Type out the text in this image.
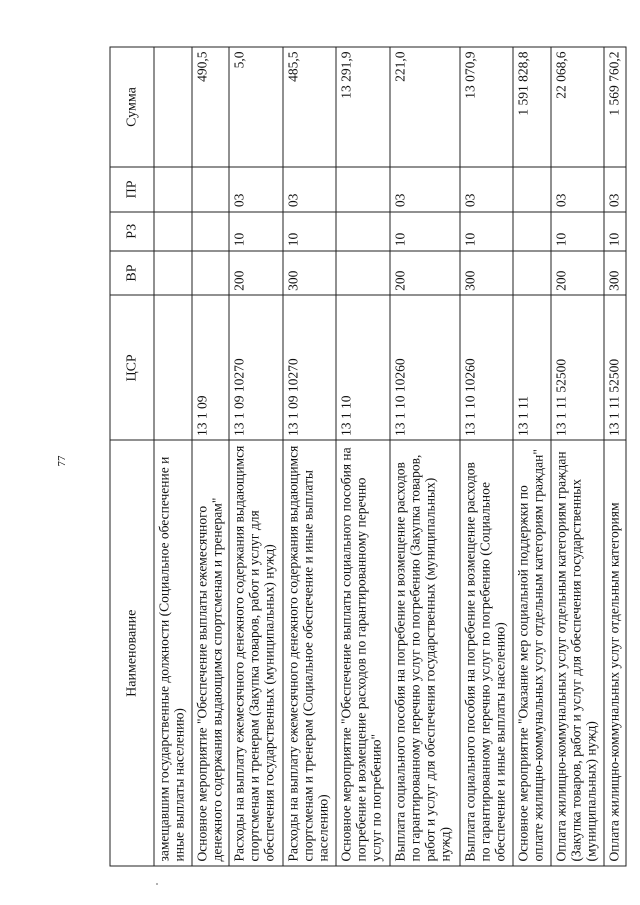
77
Наименование	ЦСР	ВР	РЗ	ПР	Сумма
замещавшим государственные должности (Социальное обеспечение и иные выплаты населению)					
Основное мероприятие "Обеспечение выплаты ежемесячного денежного содержания выдающимся спортсменам и тренерам"	13 1 09				490,5
Расходы на выплату ежемесячного денежного содержания выдающимся спортсменам и тренерам (Закупка товаров, работ и услуг для обеспечения государственных (муниципальных) нужд)	13 1 09 10270	200	10	03	5,0
Расходы на выплату ежемесячного денежного содержания выдающимся спортсменам и тренерам (Социальное обеспечение и иные выплаты населению)	13 1 09 10270	300	10	03	485,5
Основное мероприятие "Обеспечение выплаты социального пособия на погребение и возмещение расходов по гарантированному перечню услуг по погребению"	13 1 10				13 291,9
Выплата социального пособия на погребение и возмещение расходов по гарантированному перечню услуг по погребению (Закупка товаров, работ и услуг для обеспечения государственных (муниципальных) нужд)	13 1 10 10260	200	10	03	221,0
Выплата социального пособия на погребение и возмещение расходов по гарантированному перечню услуг по погребению (Социальное обеспечение и иные выплаты населению)	13 1 10 10260	300	10	03	13 070,9
Основное мероприятие "Оказание мер социальной поддержки по оплате жилищно-коммунальных услуг отдельным категориям граждан"	13 1 11				1 591 828,8
Оплата жилищно-коммунальных услуг отдельным категориям граждан (Закупка товаров, работ и услуг для обеспечения государственных (муниципальных) нужд)	13 1 11 52500	200	10	03	22 068,6
Оплата жилищно-коммунальных услуг отдельным категориям	13 1 11 52500	300	10	03	1 569 760,2
